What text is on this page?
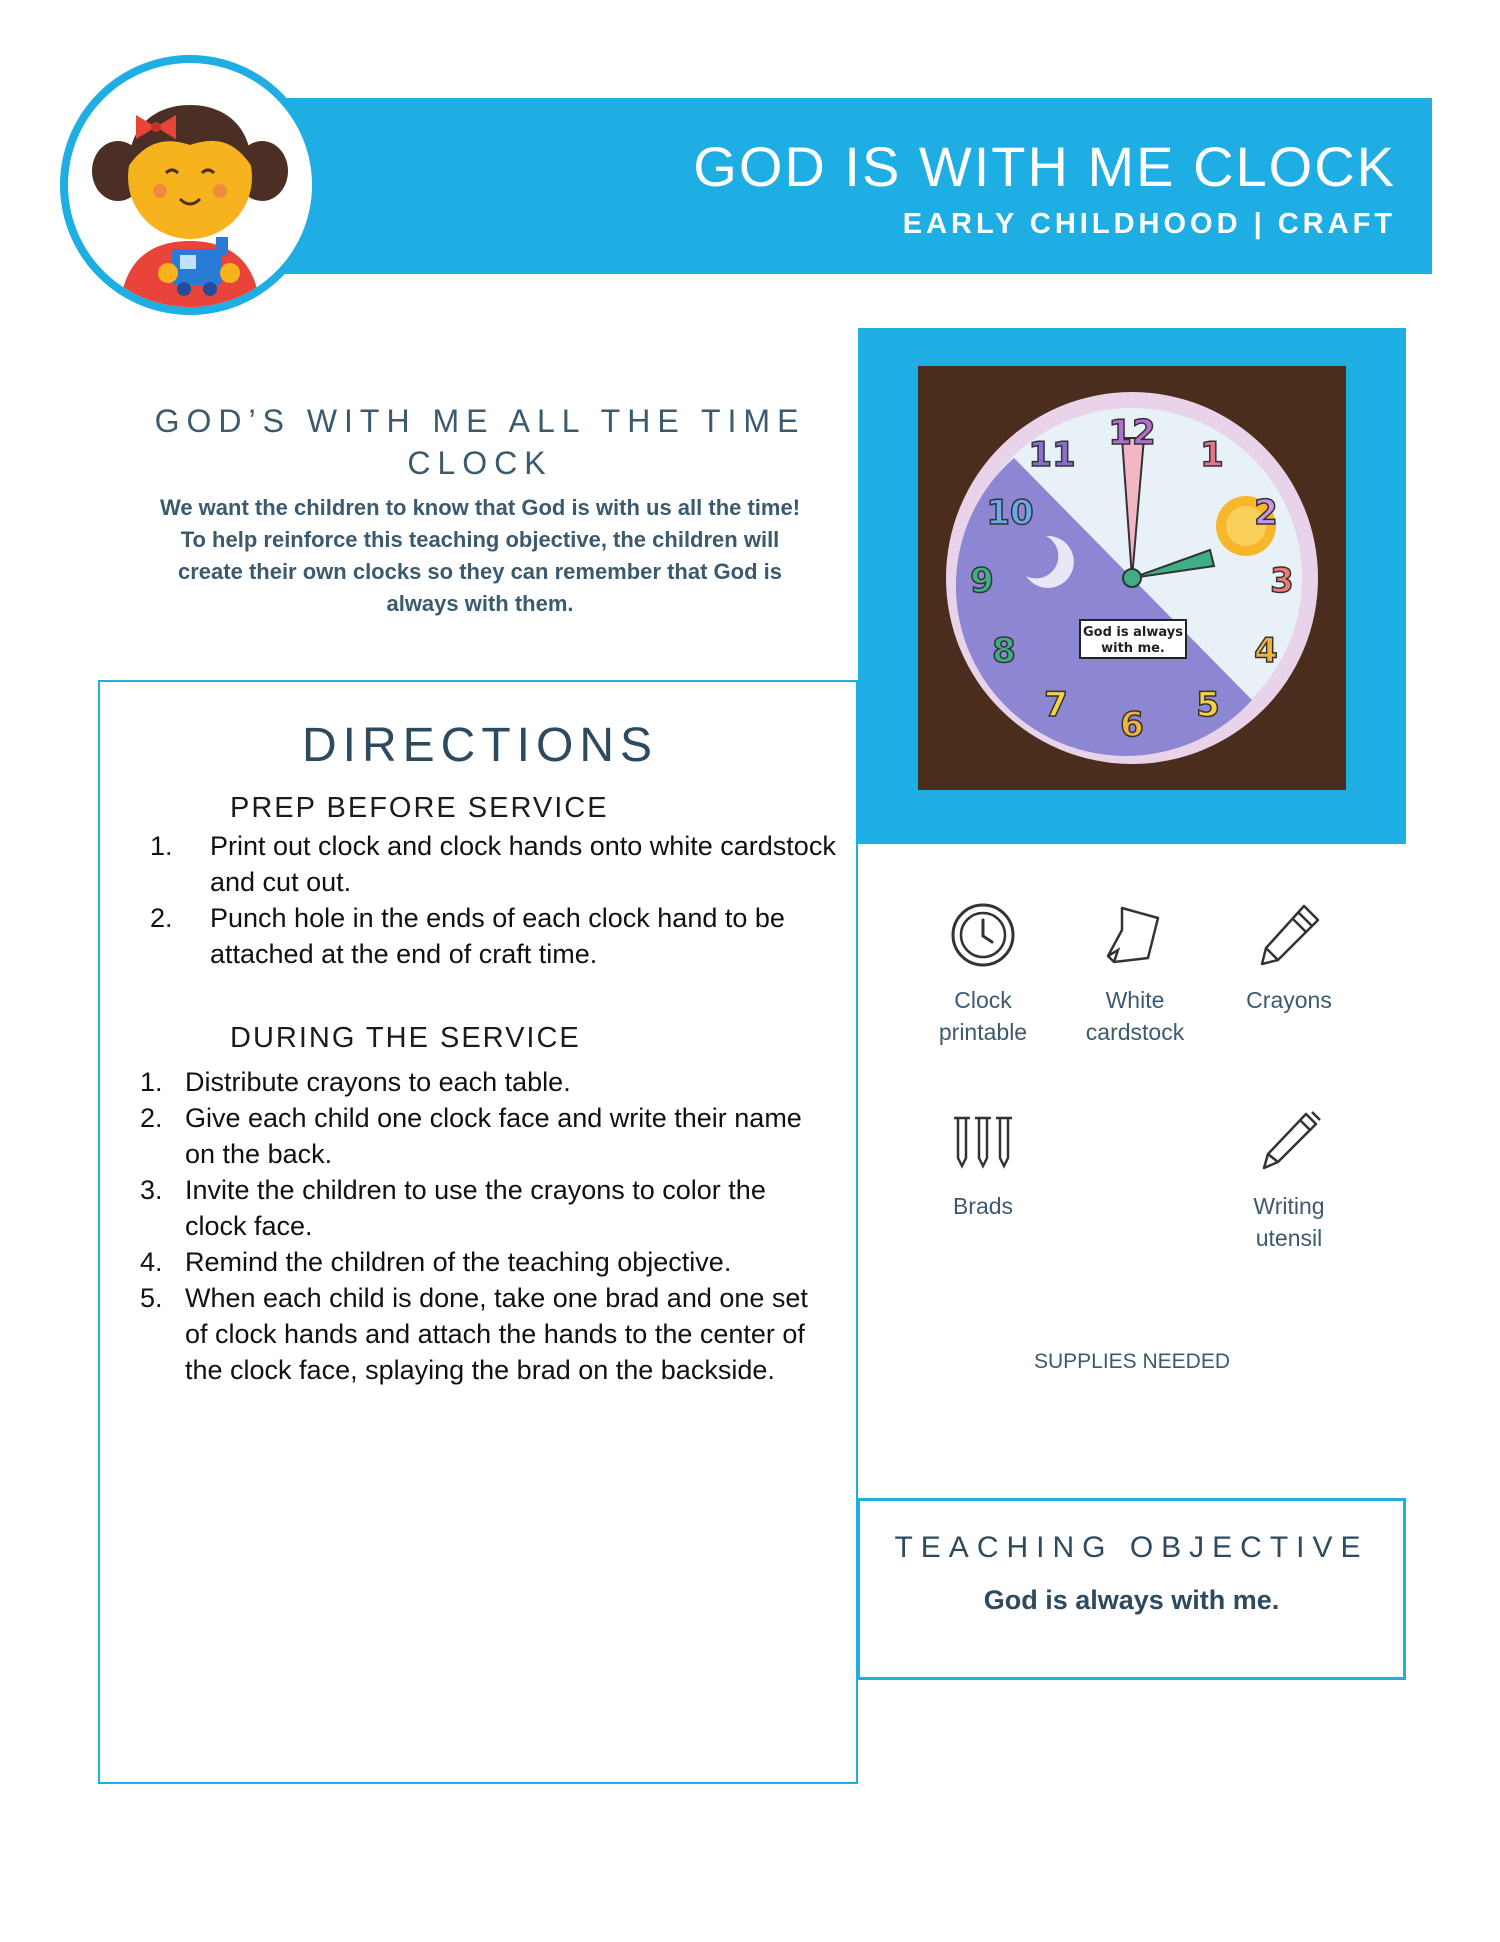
GOD IS WITH ME CLOCK
EARLY CHILDHOOD | CRAFT
GOD’S WITH ME ALL THE TIME
CLOCK
We want the children to know that God is with us all the time! To help reinforce this teaching objective, the children will create their own clocks so they can remember that God is always with them.
DIRECTIONS
PREP BEFORE SERVICE
1. Print out clock and clock hands onto white cardstock and cut out.
2. Punch hole in the ends of each clock hand to be attached at the end of craft time.
DURING THE SERVICE
1. Distribute crayons to each table.
2. Give each child one clock face and write their name on the back.
3. Invite the children to use the crayons to color the clock face.
4. Remind the children of the teaching objective.
5. When each child is done, take one brad and one set of clock hands and attach the hands to the center of the clock face, splaying the brad on the backside.
God is always
with me.
12
1
2
3
4
5
6
7
8
9
10
11
Clock
printable
White
cardstock
Crayons
Brads	Writing
utensil
SUPPLIES NEEDED
TEACHING OBJECTIVE
God is always with me.
